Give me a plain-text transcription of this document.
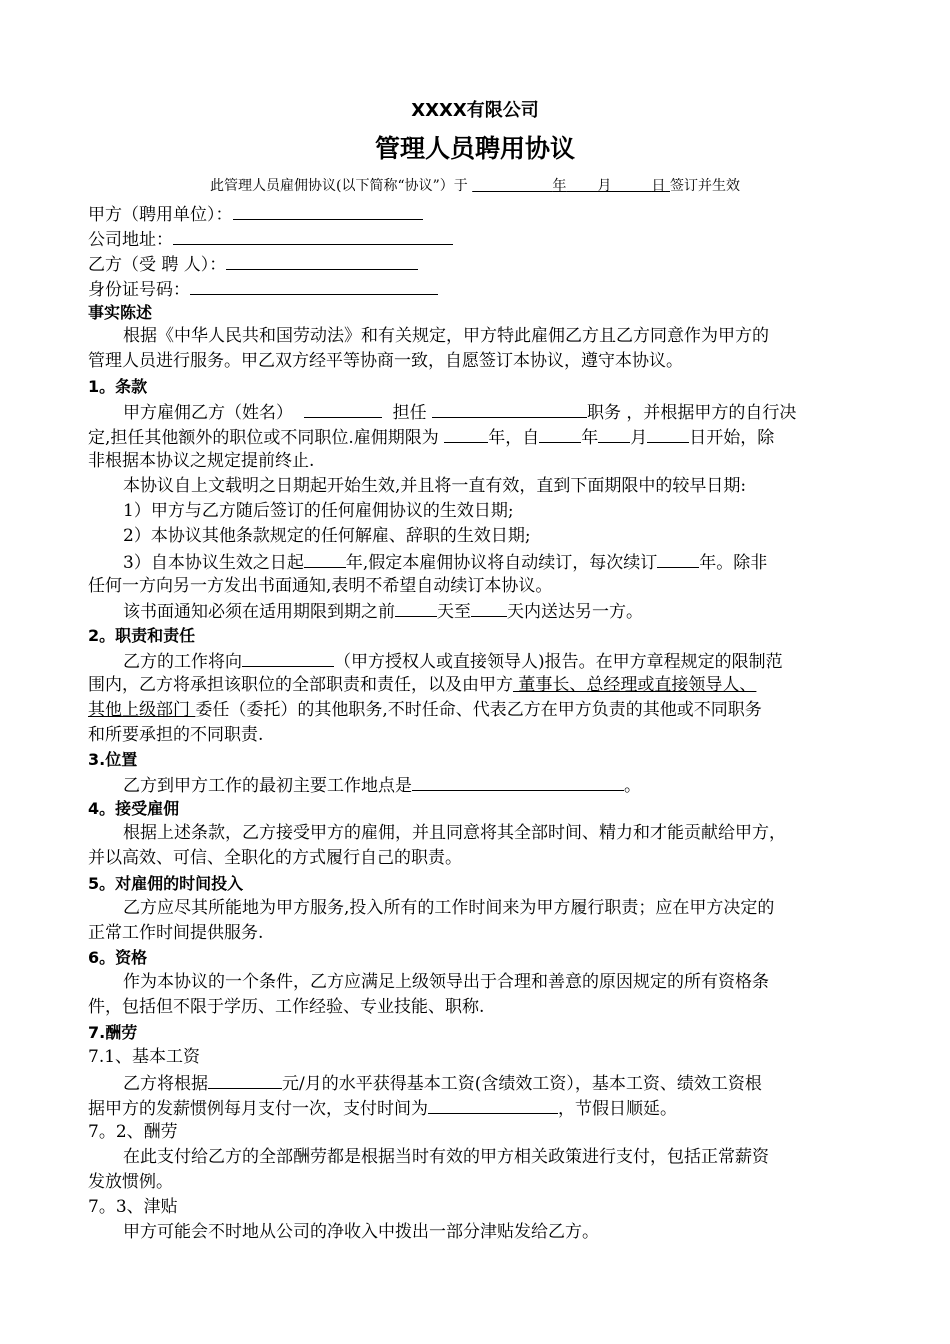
XXXX有限公司
管理人员聘用协议
此管理人员雇佣协议(以下简称“协议”）于	年 月	日 签订并生效
甲方（聘用单位）：
公司地址：
乙方（受 聘 人）：
身份证号码：
事实陈述
根据《中华人民共和国劳动法》和有关规定，甲方特此雇佣乙方且乙方同意作为甲方的
管理人员进行服务。甲乙双方经平等协商一致，自愿签订本协议，遵守本协议。
1。条款
甲方雇佣乙方（姓名）	担任	职务 ，并根据甲方的自行决
定,担任其他额外的职位或不同职位.雇佣期限为	年，自 年 月 日开始，除
非根据本协议之规定提前终止.
本协议自上文载明之日期起开始生效,并且将一直有效，直到下面期限中的较早日期:
1）甲方与乙方随后签订的任何雇佣协议的生效日期;
2）本协议其他条款规定的任何解雇、辞职的生效日期;
3）自本协议生效之日起 年,假定本雇佣协议将自动续订，每次续订 年。除非
任何一方向另一方发出书面通知,表明不希望自动续订本协议。
该书面通知必须在适用期限到期之前 天至 天内送达另一方。
2。职责和责任
乙方的工作将向	（甲方授权人或直接领导人)报告。在甲方章程规定的限制范
围内，乙方将承担该职位的全部职责和责任，以及由甲方 董事长、总经理或直接领导人、
其他上级部门 委任（委托）的其他职务,不时任命、代表乙方在甲方负责的其他或不同职务
和所要承担的不同职责.
3.位置
乙方到甲方工作的最初主要工作地点是	。
4。接受雇佣
根据上述条款，乙方接受甲方的雇佣，并且同意将其全部时间、精力和才能贡献给甲方，
并以高效、可信、全职化的方式履行自己的职责。
5。对雇佣的时间投入
乙方应尽其所能地为甲方服务,投入所有的工作时间来为甲方履行职责；应在甲方决定的
正常工作时间提供服务.
6。资格
作为本协议的一个条件，乙方应满足上级领导出于合理和善意的原因规定的所有资格条
件，包括但不限于学历、工作经验、专业技能、职称.
7.酬劳
7.1、基本工资
乙方将根据	元/月的水平获得基本工资(含绩效工资），基本工资、绩效工资根
据甲方的发薪惯例每月支付一次，支付时间为	，节假日顺延。
7。2、酬劳
在此支付给乙方的全部酬劳都是根据当时有效的甲方相关政策进行支付，包括正常薪资
发放惯例。
7。3、津贴
甲方可能会不时地从公司的净收入中拨出一部分津贴发给乙方。
